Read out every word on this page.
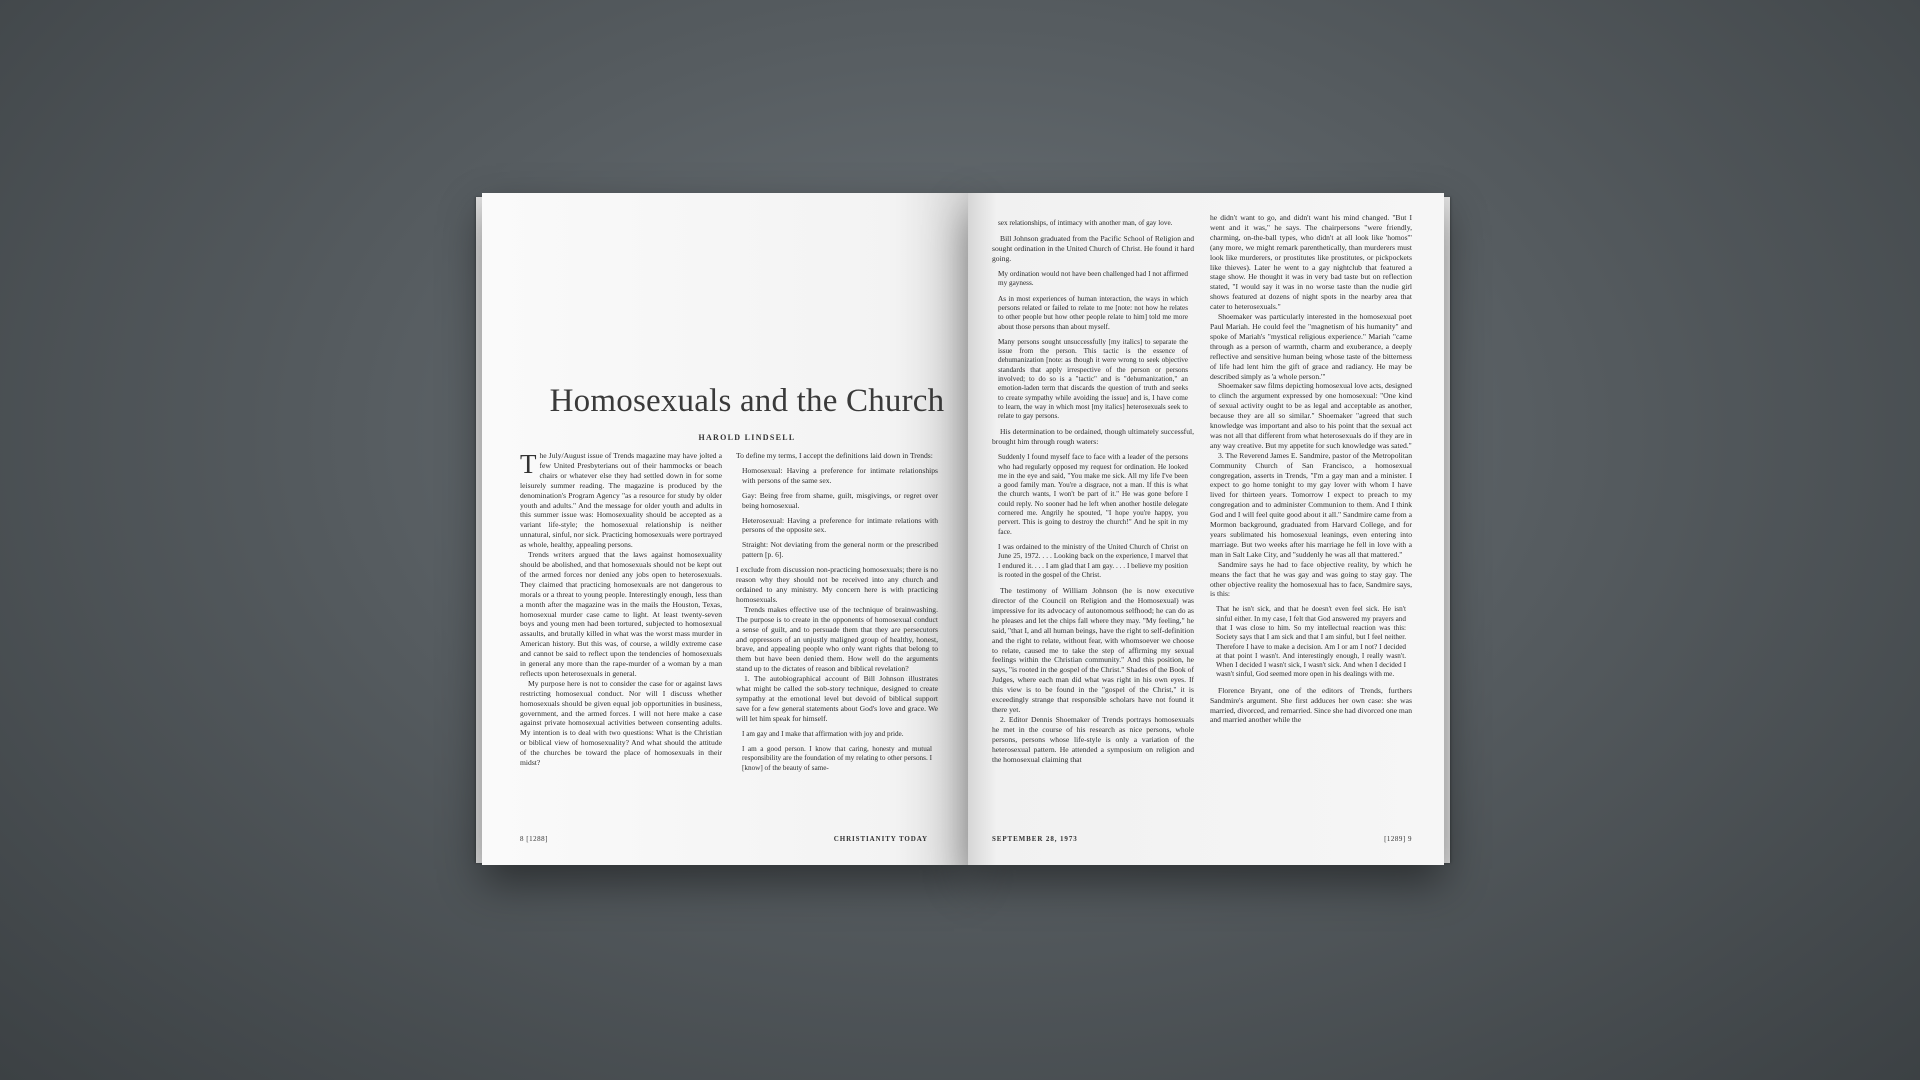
Homosexuals and the Church
HAROLD LINDSELL

The July/August issue of Trends magazine may have jolted a few United Presbyterians out of their hammocks or beach chairs or whatever else they had settled down in for some leisurely summer reading. The magazine is produced by the denomination's Program Agency "as a resource for study by older youth and adults." And the message for older youth and adults in this summer issue was: Homosexuality should be accepted as a variant life-style; the homosexual relationship is neither unnatural, sinful, nor sick. Practicing homosexuals were portrayed as whole, healthy, appealing persons.

Trends writers argued that the laws against homosexuality should be abolished, and that homosexuals should not be kept out of the armed forces nor denied any jobs open to heterosexuals. They claimed that practicing homosexuals are not dangerous to morals or a threat to young people. Interestingly enough, less than a month after the magazine was in the mails the Houston, Texas, homosexual murder case came to light. At least twenty-seven boys and young men had been tortured, subjected to homosexual assaults, and brutally killed in what was the worst mass murder in American history. But this was, of course, a wildly extreme case and cannot be said to reflect upon the tendencies of homosexuals in general any more than the rape-murder of a woman by a man reflects upon heterosexuals in general.

My purpose here is not to consider the case for or against laws restricting homosexual conduct. Nor will I discuss whether homosexuals should be given equal job opportunities in business, government, and the armed forces. I will not here make a case against private homosexual activities between consenting adults. My intention is to deal with two questions: What is the Christian or biblical view of homosexuality? And what should the attitude of the churches be toward the place of homosexuals in their midst?

To define my terms, I accept the definitions laid down in Trends:

Homosexual: Having a preference for intimate relationships with persons of the same sex.

Gay: Being free from shame, guilt, misgivings, or regret over being homosexual.

Heterosexual: Having a preference for intimate relations with persons of the opposite sex.

Straight: Not deviating from the general norm or the prescribed pattern [p. 6].

I exclude from discussion non-practicing homosexuals; there is no reason why they should not be received into any church and ordained to any ministry. My concern here is with practicing homosexuals.

Trends makes effective use of the technique of brainwashing. The purpose is to create in the opponents of homosexual conduct a sense of guilt, and to persuade them that they are persecutors and oppressors of an unjustly maligned group of healthy, honest, brave, and appealing people who only want rights that belong to them but have been denied them. How well do the arguments stand up to the dictates of reason and biblical revelation?

1. The autobiographical account of Bill Johnson illustrates what might be called the sob-story technique, designed to create sympathy at the emotional level but devoid of biblical support save for a few general statements about God's love and grace. We will let him speak for himself.

I am gay and I make that affirmation with joy and pride.

I am a good person. I know that caring, honesty and mutual responsibility are the foundation of my relating to other persons. I [know] of the beauty of same-

8 [1288]	CHRISTIANITY TODAY

sex relationships, of intimacy with another man, of gay love.

Bill Johnson graduated from the Pacific School of Religion and sought ordination in the United Church of Christ. He found it hard going.

My ordination would not have been challenged had I not affirmed my gayness.

As in most experiences of human interaction, the ways in which persons related or failed to relate to me [note: not how he relates to other people but how other people relate to him] told me more about those persons than about myself.

Many persons sought unsuccessfully [my italics] to separate the issue from the person. This tactic is the essence of dehumanization [note: as though it were wrong to seek objective standards that apply irrespective of the person or persons involved; to do so is a "tactic" and is "dehumanization," an emotion-laden term that discards the question of truth and seeks to create sympathy while avoiding the issue] and is, I have come to learn, the way in which most [my italics] heterosexuals seek to relate to gay persons.

His determination to be ordained, though ultimately successful, brought him through rough waters:

Suddenly I found myself face to face with a leader of the persons who had regularly opposed my request for ordination. He looked me in the eye and said, "You make me sick. All my life I've been a good family man. You're a disgrace, not a man. If this is what the church wants, I won't be part of it." He was gone before I could reply. No sooner had he left when another hostile delegate cornered me. Angrily he spouted, "I hope you're happy, you pervert. This is going to destroy the church!" And he spit in my face.

I was ordained to the ministry of the United Church of Christ on June 25, 1972. . . . Looking back on the experience, I marvel that I endured it. . . . I am glad that I am gay. . . . I believe my position is rooted in the gospel of the Christ.

The testimony of William Johnson (he is now executive director of the Council on Religion and the Homosexual) was impressive for its advocacy of autonomous selfhood; he can do as he pleases and let the chips fall where they may. "My feeling," he said, "that I, and all human beings, have the right to self-definition and the right to relate, without fear, with whomsoever we choose to relate, caused me to take the step of affirming my sexual feelings within the Christian community." And this position, he says, "is rooted in the gospel of the Christ." Shades of the Book of Judges, where each man did what was right in his own eyes. If this view is to be found in the "gospel of the Christ," it is exceedingly strange that responsible scholars have not found it there yet.

2. Editor Dennis Shoemaker of Trends portrays homosexuals he met in the course of his research as nice persons, whole persons, persons whose life-style is only a variation of the heterosexual pattern. He attended a symposium on religion and the homosexual claiming that

he didn't want to go, and didn't want his mind changed. "But I went and it was," he says. The chairpersons "were friendly, charming, on-the-ball types, who didn't at all look like 'homos'" (any more, we might remark parenthetically, than murderers must look like murderers, or prostitutes like prostitutes, or pickpockets like thieves). Later he went to a gay nightclub that featured a stage show. He thought it was in very bad taste but on reflection stated, "I would say it was in no worse taste than the nudie girl shows featured at dozens of night spots in the nearby area that cater to heterosexuals."

Shoemaker was particularly interested in the homosexual poet Paul Mariah. He could feel the "magnetism of his humanity" and spoke of Mariah's "mystical religious experience." Mariah "came through as a person of warmth, charm and exuberance, a deeply reflective and sensitive human being whose taste of the bitterness of life had lent him the gift of grace and radiancy. He may be described simply as 'a whole person.'"

Shoemaker saw films depicting homosexual love acts, designed to clinch the argument expressed by one homosexual: "One kind of sexual activity ought to be as legal and acceptable as another, because they are all so similar." Shoemaker "agreed that such knowledge was important and also to his point that the sexual act was not all that different from what heterosexuals do if they are in any way creative. But my appetite for such knowledge was sated."

3. The Reverend James E. Sandmire, pastor of the Metropolitan Community Church of San Francisco, a homosexual congregation, asserts in Trends, "I'm a gay man and a minister. I expect to go home tonight to my gay lover with whom I have lived for thirteen years. Tomorrow I expect to preach to my congregation and to administer Communion to them. And I think God and I will feel quite good about it all." Sandmire came from a Mormon background, graduated from Harvard College, and for years sublimated his homosexual leanings, even entering into marriage. But two weeks after his marriage he fell in love with a man in Salt Lake City, and "suddenly he was all that mattered."

Sandmire says he had to face objective reality, by which he means the fact that he was gay and was going to stay gay. The other objective reality the homosexual has to face, Sandmire says, is this:

That he isn't sick, and that he doesn't even feel sick. He isn't sinful either. In my case, I felt that God answered my prayers and that I was close to him. So my intellectual reaction was this: Society says that I am sick and that I am sinful, but I feel neither. Therefore I have to make a decision. Am I or am I not? I decided at that point I wasn't. And interestingly enough, I really wasn't. When I decided I wasn't sick, I wasn't sick. And when I decided I wasn't sinful, God seemed more open in his dealings with me.

Florence Bryant, one of the editors of Trends, furthers Sandmire's argument. She first adduces her own case: she was married, divorced, and remarried. Since she had divorced one man and married another while the

SEPTEMBER 28, 1973	[1289] 9
